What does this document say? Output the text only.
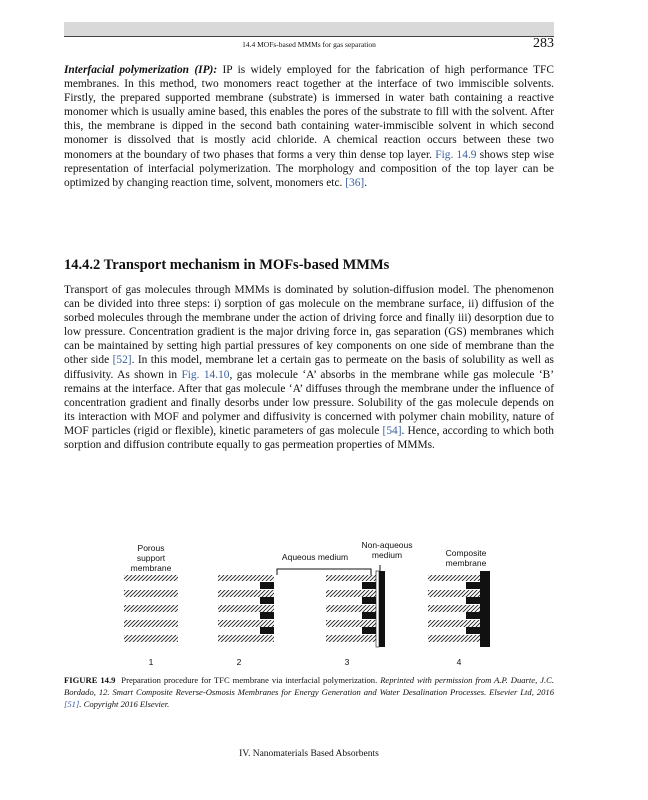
14.4 MOFs-based MMMs for gas separation	283

Interfacial polymerization (IP): IP is widely employed for the fabrication of high performance TFC membranes. In this method, two monomers react together at the interface of two immiscible solvents. Firstly, the prepared supported membrane (substrate) is immersed in water bath containing a reactive monomer which is usually amine based, this enables the pores of the substrate to fill with the solvent. After this, the membrane is dipped in the second bath containing water-immiscible solvent in which second monomer is dissolved that is mostly acid chloride. A chemical reaction occurs between these two monomers at the boundary of two phases that forms a very thin dense top layer. Fig. 14.9 shows step wise representation of interfacial polymerization. The morphology and composition of the top layer can be optimized by changing reaction time, solvent, monomers etc. [36].

14.4.2 Transport mechanism in MOFs-based MMMs

Transport of gas molecules through MMMs is dominated by solution-diffusion model. The phenomenon can be divided into three steps: i) sorption of gas molecule on the membrane surface, ii) diffusion of the sorbed molecules through the membrane under the action of driving force and finally iii) desorption due to low pressure. Concentration gradient is the major driving force in, gas separation (GS) membranes which can be maintained by setting high partial pressures of key components on one side of membrane than the other side [52]. In this model, membrane let a certain gas to permeate on the basis of solubility as well as diffusivity. As shown in Fig. 14.10, gas molecule ‘A’ absorbs in the membrane while gas molecule ‘B’ remains at the interface. After that gas molecule ‘A’ diffuses through the membrane under the influence of concentration gradient and finally desorbs under low pressure. Solubility of the gas molecule depends on its interaction with MOF and polymer and diffusivity is concerned with polymer chain mobility, nature of MOF particles (rigid or flexible), kinetic parameters of gas molecule [54]. Hence, according to which both sorption and diffusion contribute equally to gas permeation properties of MMMs.

Porous
support membrane
Aqueous medium
Non-aqueous
medium	Composite
membrane
1	2	3	4
FIGURE 14.9 Preparation procedure for TFC membrane via interfacial polymerization. Reprinted with permission from A.P. Duarte, J.C. Bordado, 12. Smart Composite Reverse-Osmosis Membranes for Energy Generation and Water Desalination Processes. Elsevier Ltd, 2016 [51]. Copyright 2016 Elsevier.
IV. Nanomaterials Based Absorbents
